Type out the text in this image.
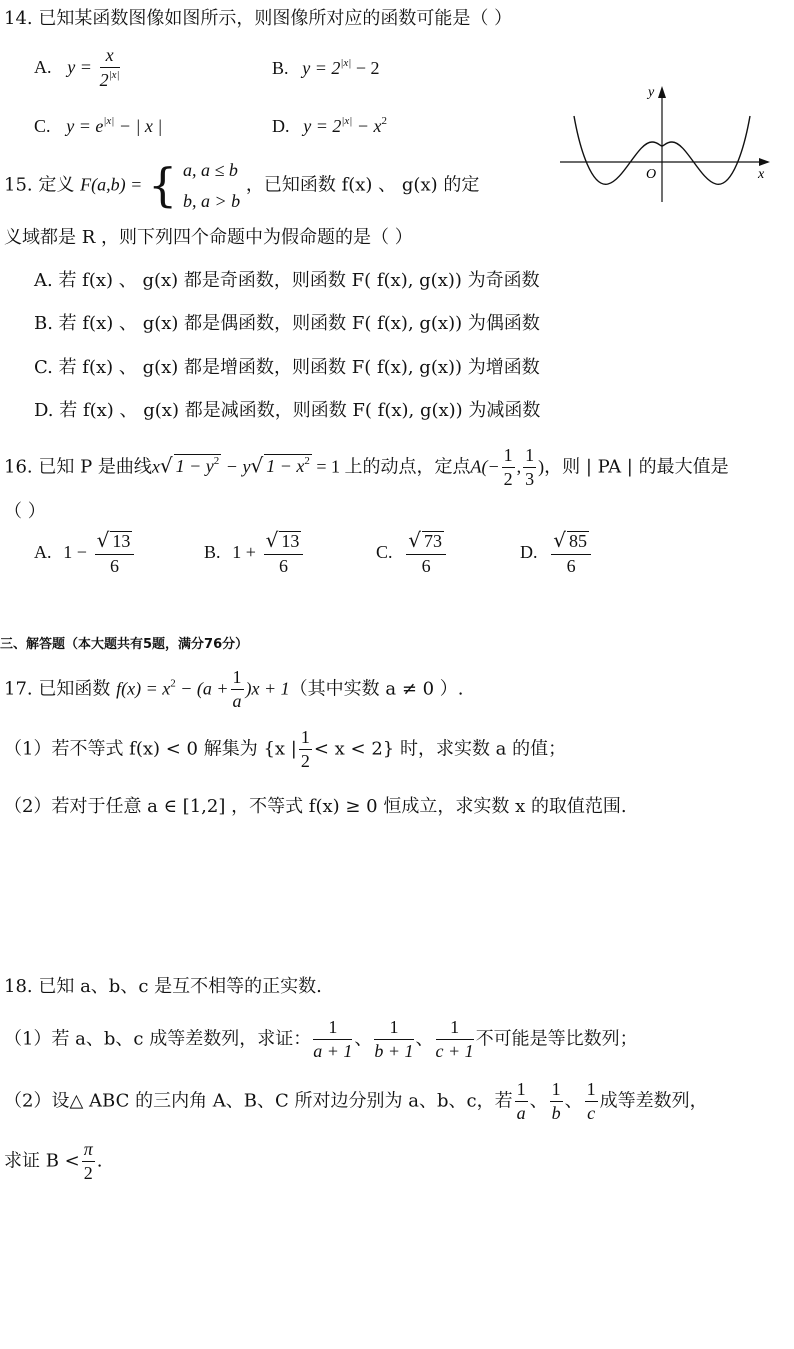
14. 已知某函数图像如图所示，则图像所对应的函数可能是（ ）
A. $y = \frac{x}{2^{|x|}}$	B. $y = 2^{|x|} - 2$
C. $y = e^{|x|}$ − | x |	D. $y = 2^{|x|} - x^2$
y
x
O
15. 定义 F(a,b) = { a, a ≤ b
b, a > b
，已知函数 f(x) 、 g(x) 的定
义域都是 R ，则下列四个命题中为假命题的是（ ）
A. 若 f(x) 、 g(x) 都是奇函数，则函数 F( f(x), g(x)) 为奇函数
B. 若 f(x) 、 g(x) 都是偶函数，则函数 F( f(x), g(x)) 为偶函数
C. 若 f(x) 、 g(x) 都是增函数，则函数 F( f(x), g(x)) 为增函数
D. 若 f(x) 、 g(x) 都是减函数，则函数 F( f(x), g(x)) 为减函数
16. 已知 P 是曲线x√ $1 - y^2 - y√$ $1 - x^2 = 1$ 上的动点，定点$A(- \frac{1}{2}$ , $\frac{1}{3}$ )，则 | PA | 的最大值是
（ ）
A. $1 - \frac{√ 13}{6}$	B. $1 + \frac{√ 13}{6}$	C. $\frac{√ 73}{6}$	D. $\frac{√ 85}{6}$
三、解答题（本大题共有5题，满分76分）
17. 已知函数 $f(x) = x^2 - (a + \frac{1}{a} )x + 1$（其中实数 a ≠ 0 ）.
（1）若不等式 f(x) < 0 解集为 {x | $\frac{1}{2} < x < 2$} 时，求实数 a 的值；
（2）若对于任意 a ∈ [1,2] ，不等式 f(x) ≥ 0 恒成立，求实数 x 的取值范围.
18. 已知 a、b、c 是互不相等的正实数.
（1）若 a、b、c 成等差数列，求证： $\frac{1}{a + 1}$ 、 $\frac{1}{b + 1}$ 、 $\frac{1}{c + 1}$ 不可能是等比数列；
（2）设△ ABC 的三内角 A、B、C 所对边分别为 a、b、c，若 $\frac{1}{a}$ 、 $\frac{1}{b}$ 、 $\frac{1}{c}$ 成等差数列，
求证 $B < \frac{\pi}{2}$ .
